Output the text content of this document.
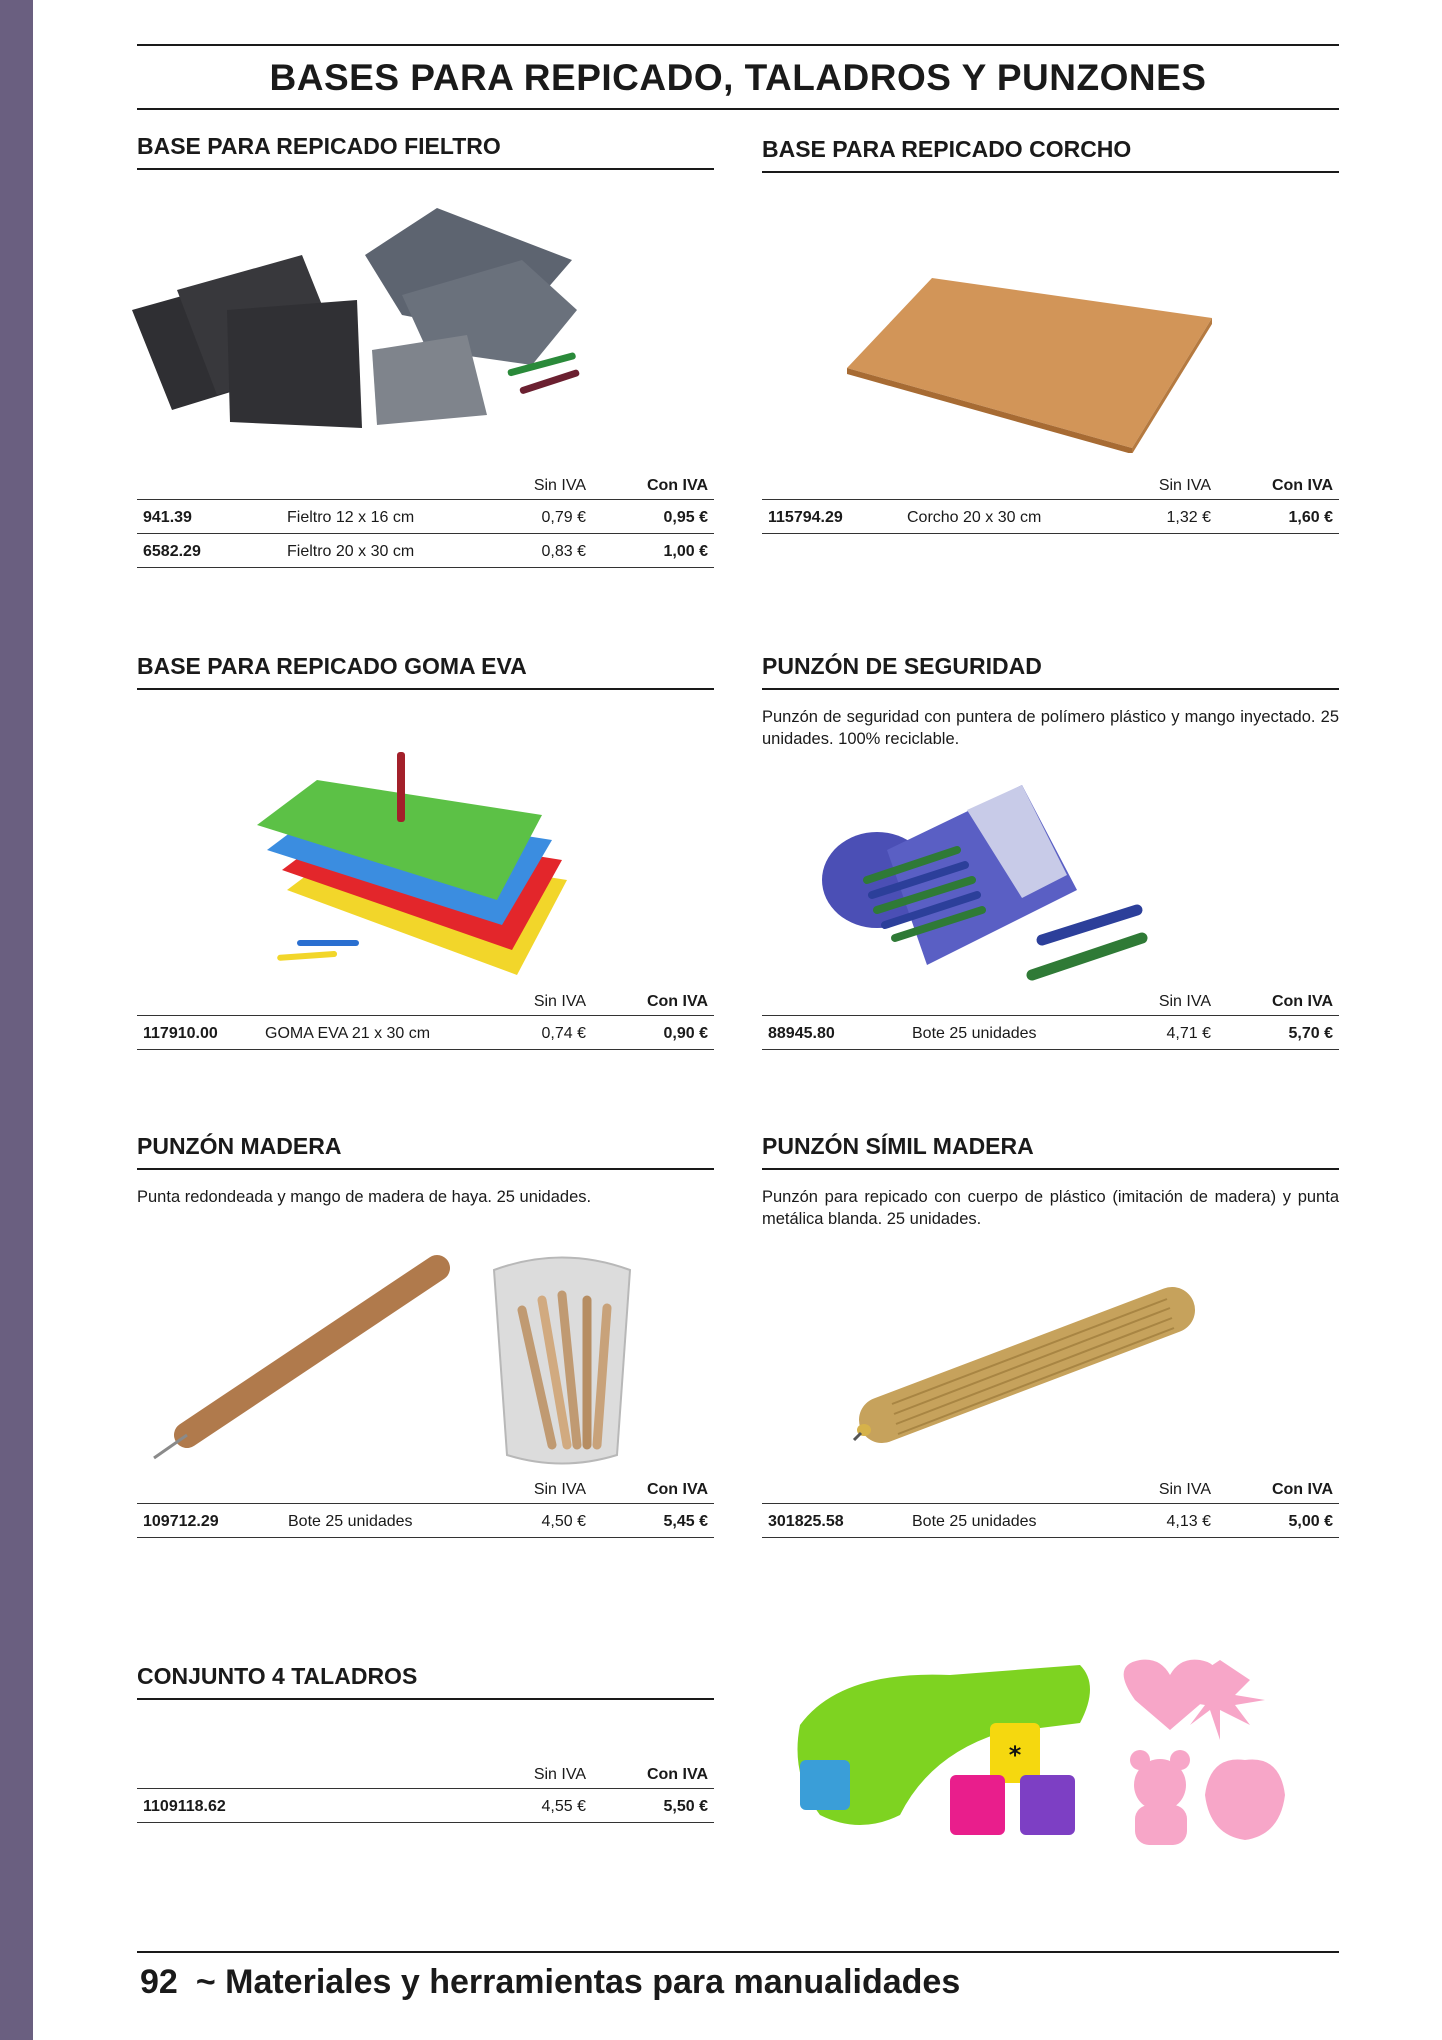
BASES PARA REPICADO, TALADROS Y PUNZONES
BASE PARA REPICADO FIELTRO
Sin IVA	Con IVA
941.39	Fieltro 12 x 16 cm	0,79 €	0,95 €
6582.29	Fieltro 20 x 30 cm	0,83 €	1,00 €
BASE PARA REPICADO CORCHO
Sin IVA	Con IVA
115794.29	Corcho 20 x 30 cm	1,32 €	1,60 €
BASE PARA REPICADO GOMA EVA
Sin IVA	Con IVA
117910.00	GOMA EVA 21 x 30 cm	0,74 €	0,90 €
PUNZÓN DE SEGURIDAD
Punzón de seguridad con puntera de polímero plástico y mango inyectado. 25 unidades. 100% reciclable.
Sin IVA	Con IVA
88945.80	Bote 25 unidades	4,71 €	5,70 €
PUNZÓN MADERA
Punta redondeada y mango de madera de haya. 25 unidades.
Sin IVA	Con IVA
109712.29	Bote 25 unidades	4,50 €	5,45 €
PUNZÓN SÍMIL MADERA
Punzón para repicado con cuerpo de plástico (imitación de madera) y punta metálica blanda. 25 unidades.
Sin IVA	Con IVA
301825.58	Bote 25 unidades	4,13 €	5,00 €
CONJUNTO 4 TALADROS
Sin IVA	Con IVA
1109118.62	4,55 €	5,50 €
*
92 ~ Materiales y herramientas para manualidades
